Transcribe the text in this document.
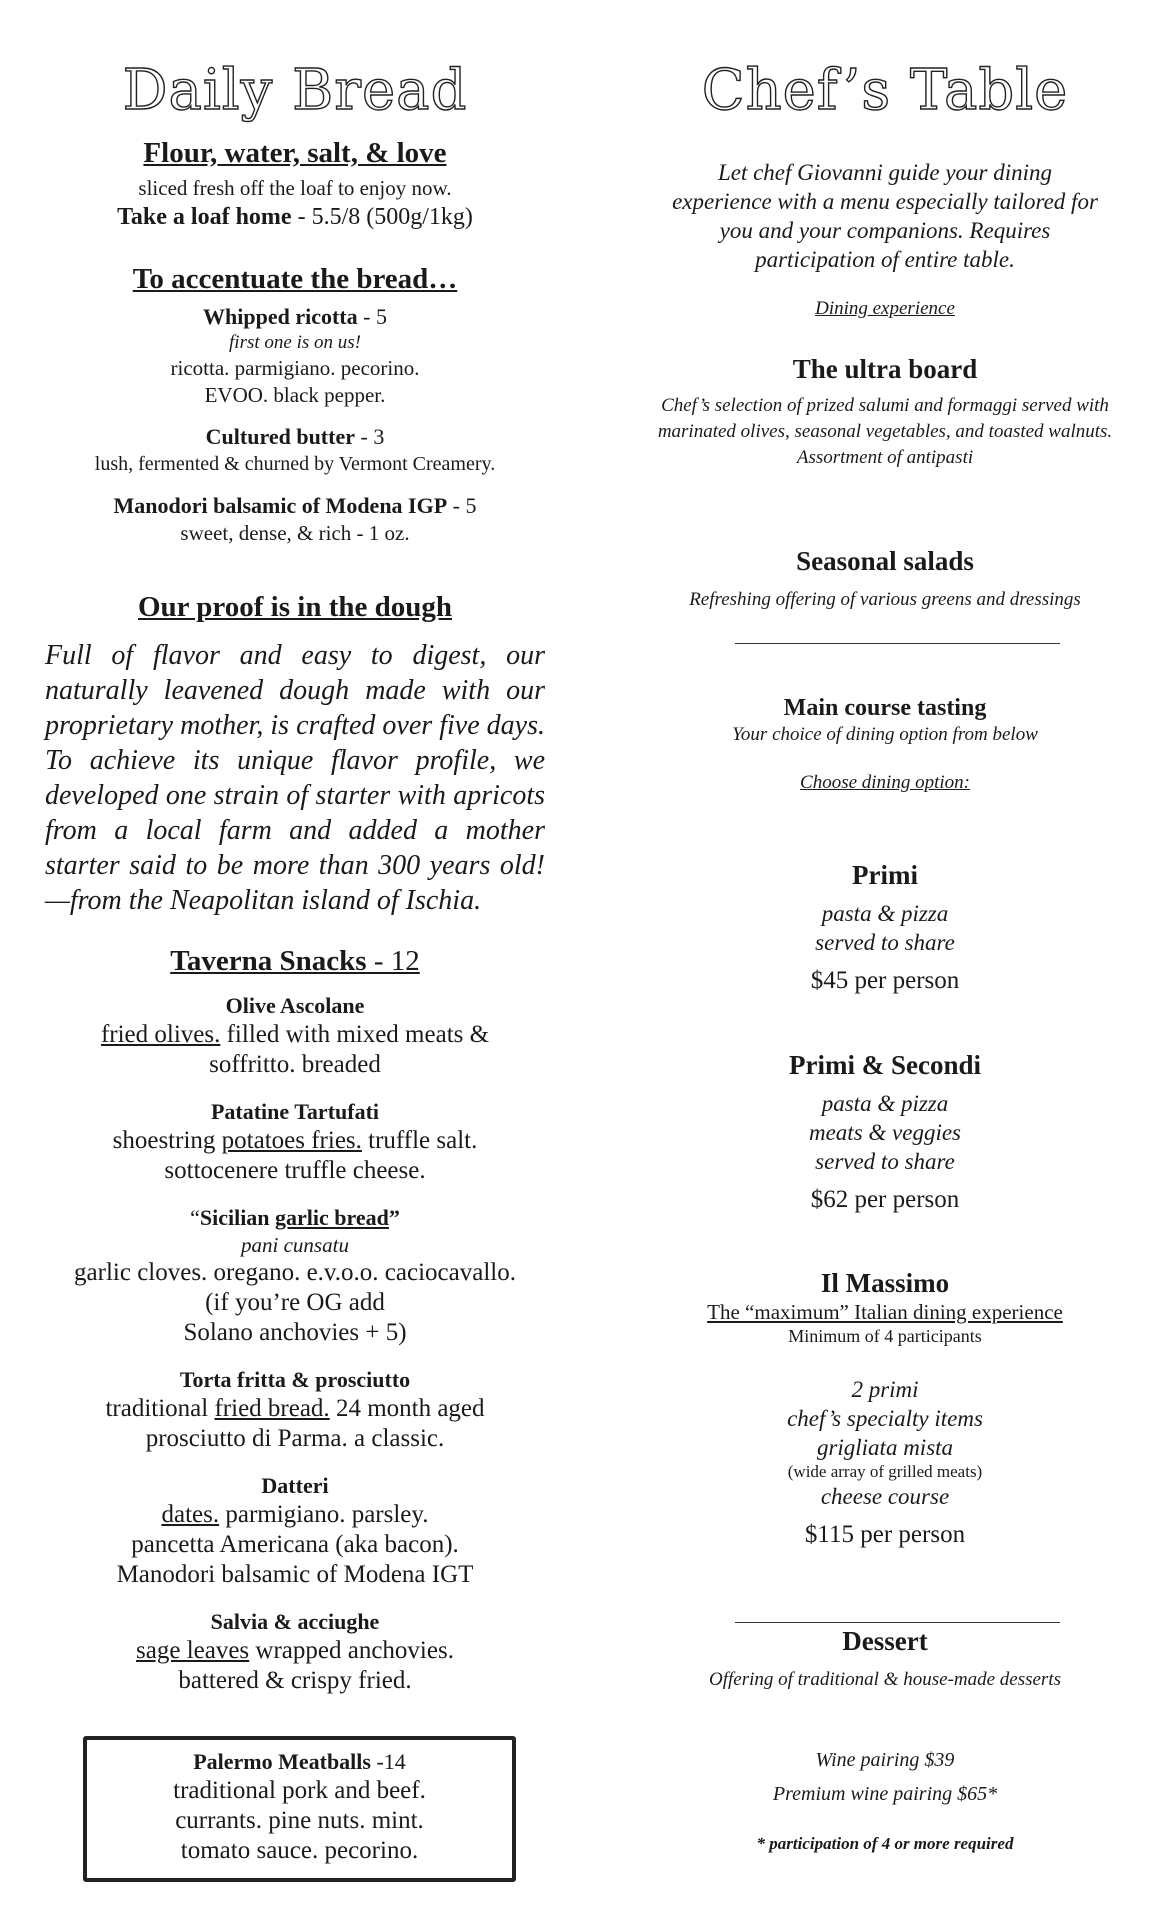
Daily Bread
Flour, water, salt, & love
sliced fresh off the loaf to enjoy now.
Take a loaf home - 5.5/8 (500g/1kg)
To accentuate the bread…
Whipped ricotta - 5
first one is on us!
ricotta. parmigiano. pecorino.
EVOO. black pepper.
Cultured butter - 3
lush, fermented & churned by Vermont Creamery.
Manodori balsamic of Modena IGP - 5
sweet, dense, & rich - 1 oz.
Our proof is in the dough
Full of flavor and easy to digest, our naturally leavened dough made with our proprietary mother, is crafted over five days. To achieve its unique flavor profile, we developed one strain of starter with apricots from a local farm and added a mother starter said to be more than 300 years old!—from the Neapolitan island of Ischia.
Taverna Snacks - 12
Olive Ascolane
fried olives. filled with mixed meats &
soffritto. breaded
Patatine Tartufati
shoestring potatoes fries. truffle salt.
sottocenere truffle cheese.
“Sicilian garlic bread”
pani cunsatu
garlic cloves. oregano. e.v.o.o. caciocavallo.
(if you’re OG add
Solano anchovies + 5)
Torta fritta & prosciutto
traditional fried bread. 24 month aged
prosciutto di Parma. a classic.
Datteri
dates. parmigiano. parsley.
pancetta Americana (aka bacon).
Manodori balsamic of Modena IGT
Salvia & acciughe
sage leaves wrapped anchovies.
battered & crispy fried.
Palermo Meatballs -14
traditional pork and beef.
currants. pine nuts. mint.
tomato sauce. pecorino.
Chef’s Table
Let chef Giovanni guide your dining
experience with a menu especially tailored for
you and your companions. Requires
participation of entire table.
Dining experience
The ultra board
Chef’s selection of prized salumi and formaggi served with
marinated olives, seasonal vegetables, and toasted walnuts.
Assortment of antipasti
Seasonal salads
Refreshing offering of various greens and dressings
Main course tasting
Your choice of dining option from below
Choose dining option:
Primi
pasta & pizza
served to share
$45 per person
Primi & Secondi
pasta & pizza
meats & veggies
served to share
$62 per person
Il Massimo
The “maximum” Italian dining experience
Minimum of 4 participants
2 primi
chef’s specialty items
grigliata mista
(wide array of grilled meats)
cheese course
$115 per person
Dessert
Offering of traditional & house-made desserts
Wine pairing $39
Premium wine pairing $65*
* participation of 4 or more required
